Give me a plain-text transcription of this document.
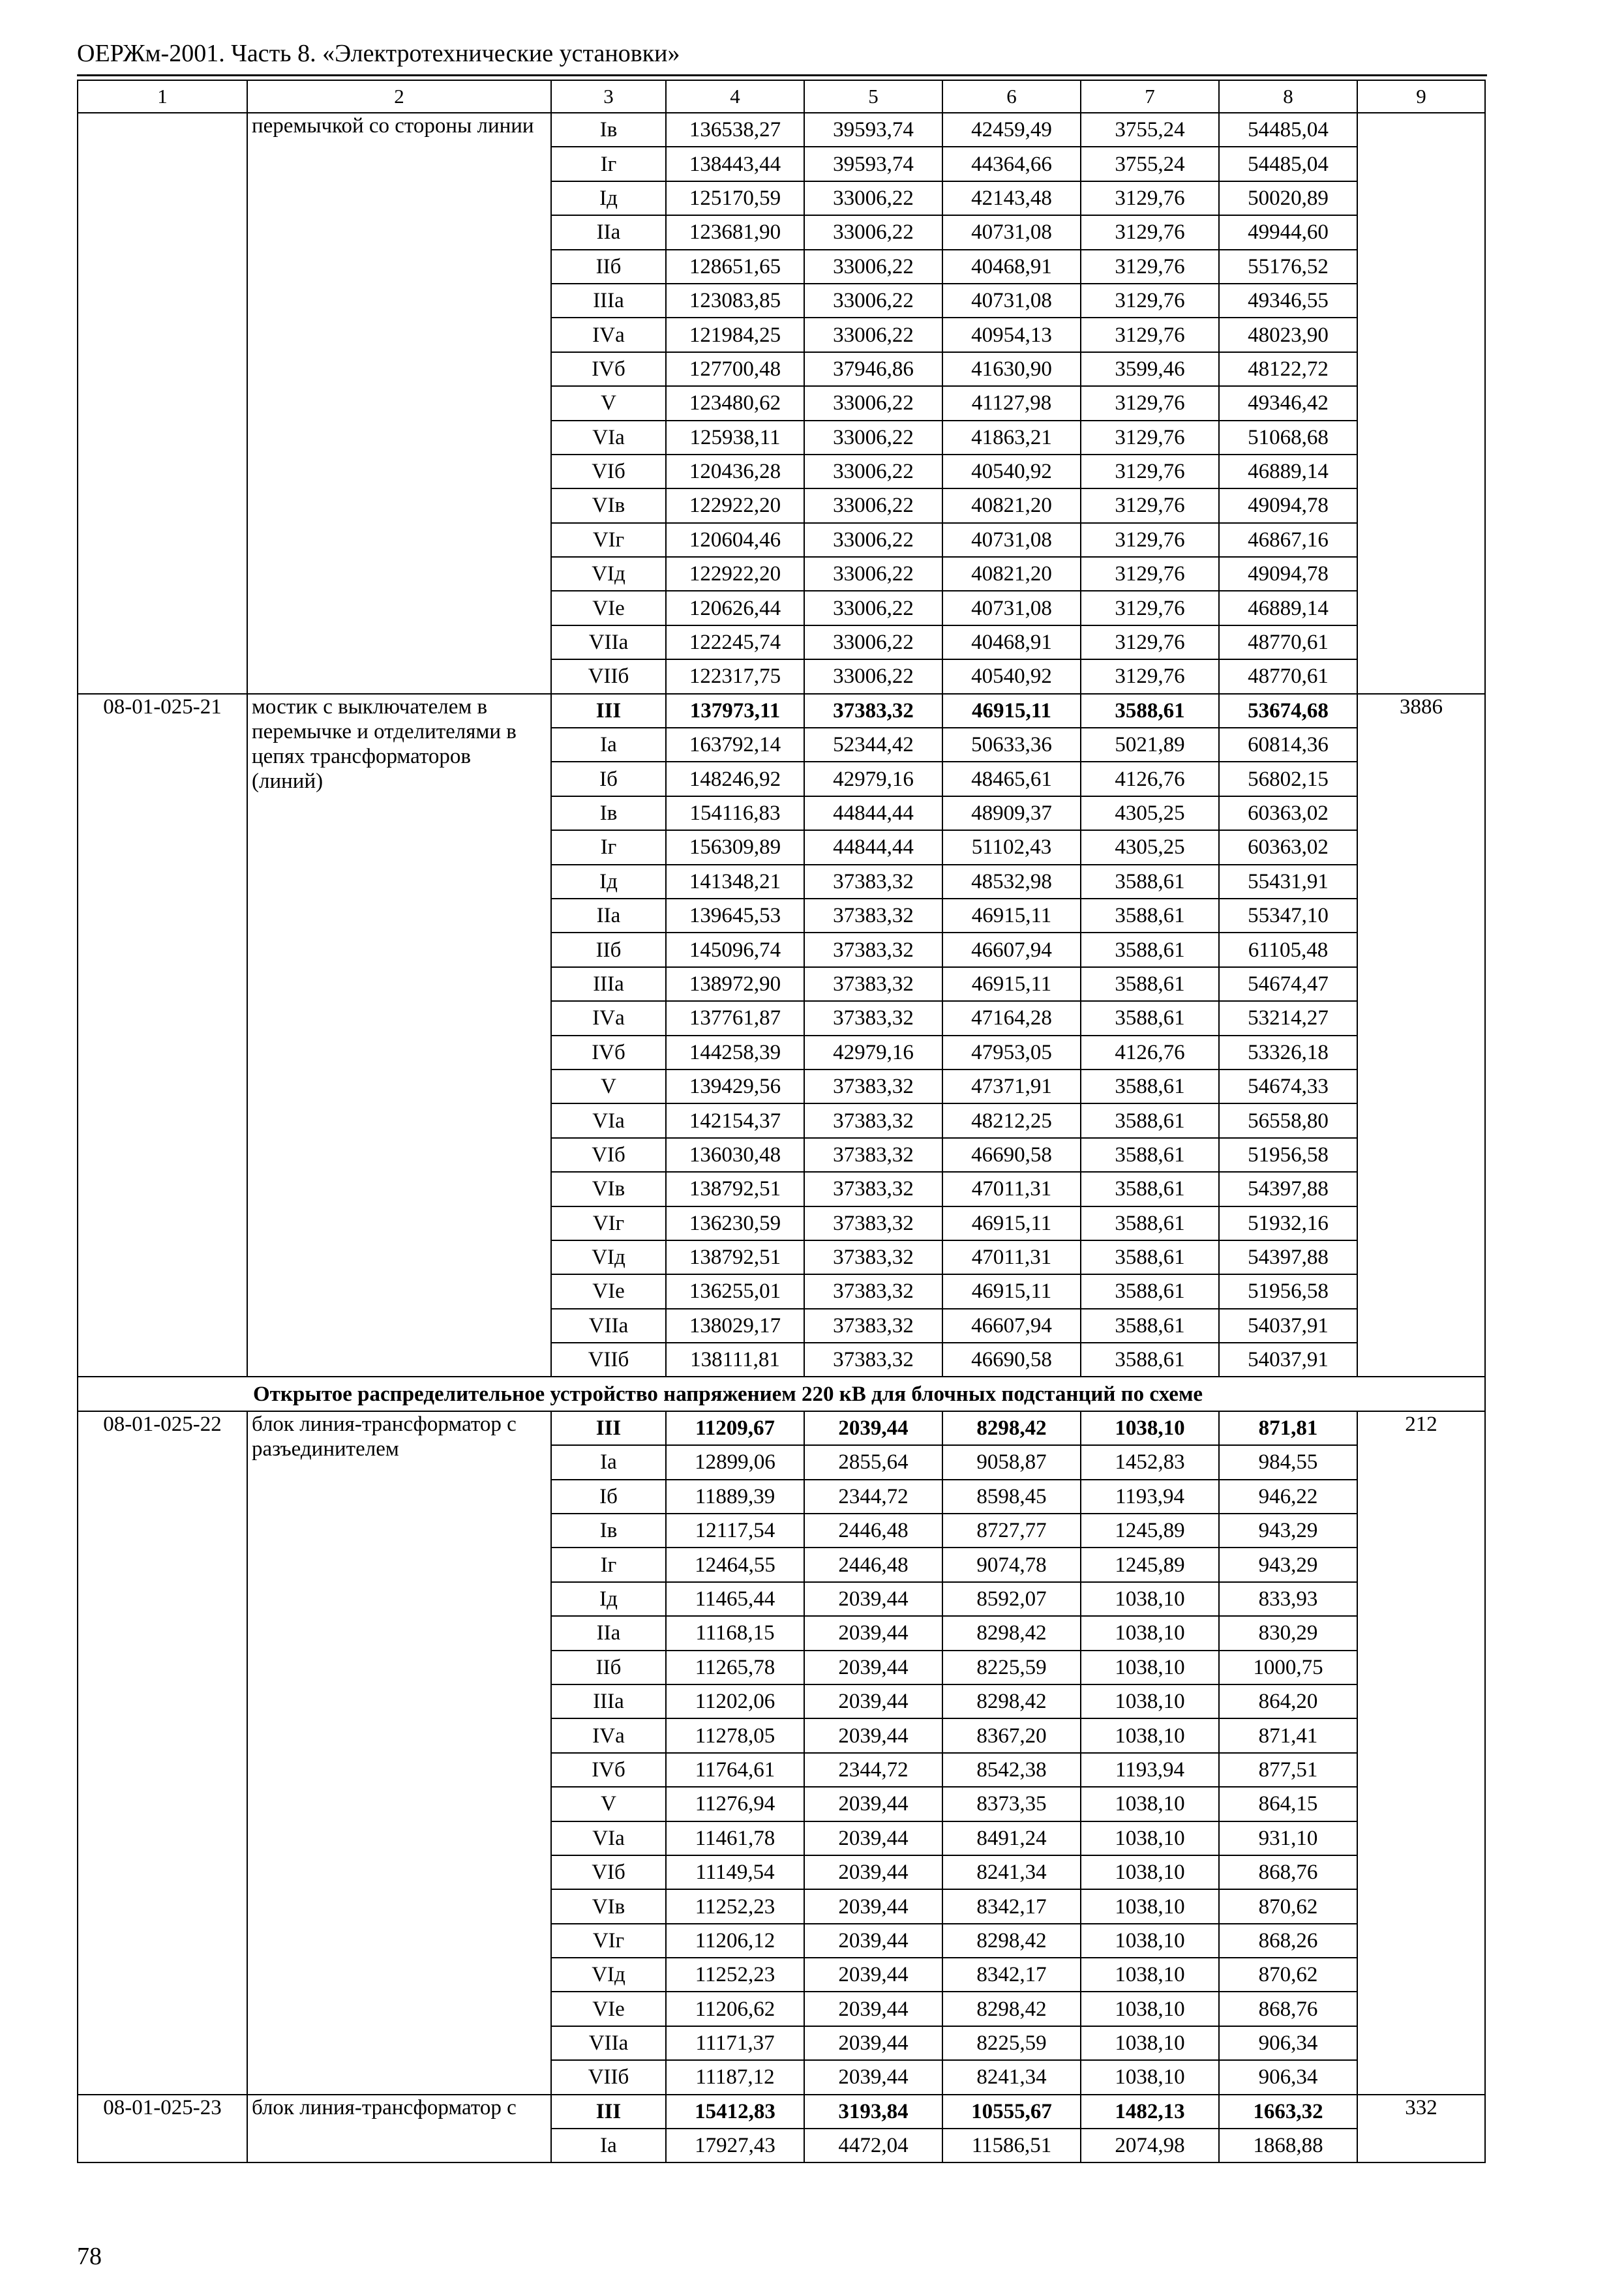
ОЕРЖм-2001. Часть 8. «Электротехнические установки»
1	2	3	4	5	6	7	8	9
	перемычкой со стороны линии	Iв	136538,27	39593,74	42459,49	3755,24	54485,04	
		Iг	138443,44	39593,74	44364,66	3755,24	54485,04	
		Iд	125170,59	33006,22	42143,48	3129,76	50020,89	
		IIа	123681,90	33006,22	40731,08	3129,76	49944,60	
		IIб	128651,65	33006,22	40468,91	3129,76	55176,52	
		IIIа	123083,85	33006,22	40731,08	3129,76	49346,55	
		IVа	121984,25	33006,22	40954,13	3129,76	48023,90	
		IVб	127700,48	37946,86	41630,90	3599,46	48122,72	
		V	123480,62	33006,22	41127,98	3129,76	49346,42	
		VIа	125938,11	33006,22	41863,21	3129,76	51068,68	
		VIб	120436,28	33006,22	40540,92	3129,76	46889,14	
		VIв	122922,20	33006,22	40821,20	3129,76	49094,78	
		VIг	120604,46	33006,22	40731,08	3129,76	46867,16	
		VIд	122922,20	33006,22	40821,20	3129,76	49094,78	
		VIе	120626,44	33006,22	40731,08	3129,76	46889,14	
		VIIа	122245,74	33006,22	40468,91	3129,76	48770,61	
		VIIб	122317,75	33006,22	40540,92	3129,76	48770,61	
08-01-025-21	мостик с выключателем в перемычке и отделителями в цепях трансформаторов (линий)	III	137973,11	37383,32	46915,11	3588,61	53674,68	3886
		Iа	163792,14	52344,42	50633,36	5021,89	60814,36	
		Iб	148246,92	42979,16	48465,61	4126,76	56802,15	
		Iв	154116,83	44844,44	48909,37	4305,25	60363,02	
		Iг	156309,89	44844,44	51102,43	4305,25	60363,02	
		Iд	141348,21	37383,32	48532,98	3588,61	55431,91	
		IIа	139645,53	37383,32	46915,11	3588,61	55347,10	
		IIб	145096,74	37383,32	46607,94	3588,61	61105,48	
		IIIа	138972,90	37383,32	46915,11	3588,61	54674,47	
		IVа	137761,87	37383,32	47164,28	3588,61	53214,27	
		IVб	144258,39	42979,16	47953,05	4126,76	53326,18	
		V	139429,56	37383,32	47371,91	3588,61	54674,33	
		VIа	142154,37	37383,32	48212,25	3588,61	56558,80	
		VIб	136030,48	37383,32	46690,58	3588,61	51956,58	
		VIв	138792,51	37383,32	47011,31	3588,61	54397,88	
		VIг	136230,59	37383,32	46915,11	3588,61	51932,16	
		VIд	138792,51	37383,32	47011,31	3588,61	54397,88	
		VIе	136255,01	37383,32	46915,11	3588,61	51956,58	
		VIIа	138029,17	37383,32	46607,94	3588,61	54037,91	
		VIIб	138111,81	37383,32	46690,58	3588,61	54037,91	
Открытое распределительное устройство напряжением 220 кВ для блочных подстанций по схеме								
08-01-025-22	блок линия-трансформатор с разъединителем	III	11209,67	2039,44	8298,42	1038,10	871,81	212
		Iа	12899,06	2855,64	9058,87	1452,83	984,55	
		Iб	11889,39	2344,72	8598,45	1193,94	946,22	
		Iв	12117,54	2446,48	8727,77	1245,89	943,29	
		Iг	12464,55	2446,48	9074,78	1245,89	943,29	
		Iд	11465,44	2039,44	8592,07	1038,10	833,93	
		IIа	11168,15	2039,44	8298,42	1038,10	830,29	
		IIб	11265,78	2039,44	8225,59	1038,10	1000,75	
		IIIа	11202,06	2039,44	8298,42	1038,10	864,20	
		IVа	11278,05	2039,44	8367,20	1038,10	871,41	
		IVб	11764,61	2344,72	8542,38	1193,94	877,51	
		V	11276,94	2039,44	8373,35	1038,10	864,15	
		VIа	11461,78	2039,44	8491,24	1038,10	931,10	
		VIб	11149,54	2039,44	8241,34	1038,10	868,76	
		VIв	11252,23	2039,44	8342,17	1038,10	870,62	
		VIг	11206,12	2039,44	8298,42	1038,10	868,26	
		VIд	11252,23	2039,44	8342,17	1038,10	870,62	
		VIе	11206,62	2039,44	8298,42	1038,10	868,76	
		VIIа	11171,37	2039,44	8225,59	1038,10	906,34	
		VIIб	11187,12	2039,44	8241,34	1038,10	906,34	
08-01-025-23	блок линия-трансформатор с	III	15412,83	3193,84	10555,67	1482,13	1663,32	332
		Iа	17927,43	4472,04	11586,51	2074,98	1868,88	
78
